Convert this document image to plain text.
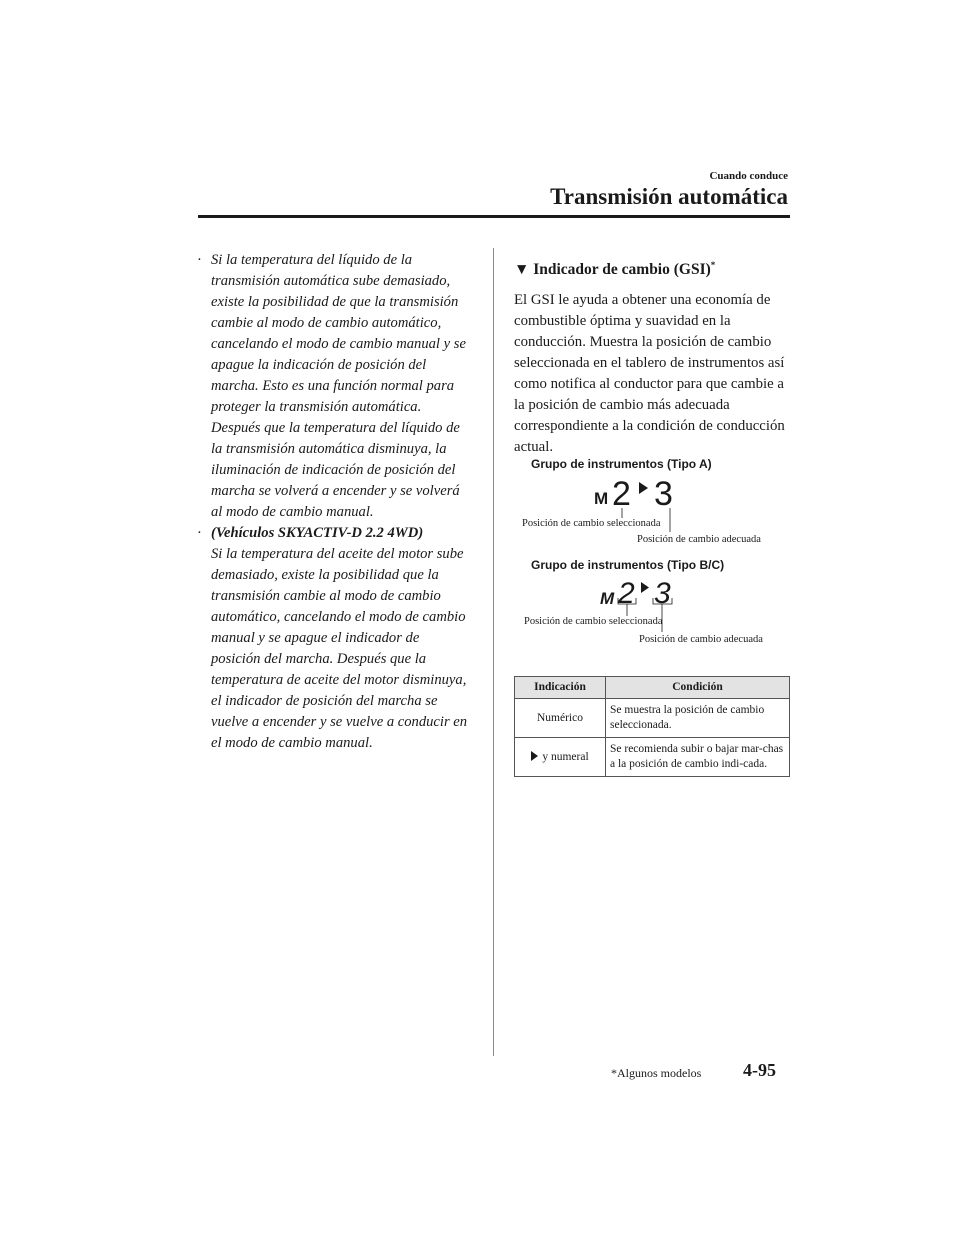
Cuando conduce
Transmisión automática
· Si la temperatura del líquido de la transmisión automática sube demasiado, existe la posibilidad de que la transmisión cambie al modo de cambio automático, cancelando el modo de cambio manual y se apague la indicación de posición del marcha. Esto es una función normal para proteger la transmisión automática. Después que la temperatura del líquido de la transmisión automática disminuya, la iluminación de indicación de posición del marcha se volverá a encender y se volverá al modo de cambio manual.
· (Vehículos SKYACTIV-D 2.2 4WD)
Si la temperatura del aceite del motor sube demasiado, existe la posibilidad que la transmisión cambie al modo de cambio automático, cancelando el modo de cambio manual y se apague el indicador de posición del marcha. Después que la temperatura de aceite del motor disminuya, el indicador de posición del marcha se vuelve a encender y se vuelve a conducir en el modo de cambio manual.
▼ Indicador de cambio (GSI)*

El GSI le ayuda a obtener una economía de combustible óptima y suavidad en la conducción. Muestra la posición de cambio seleccionada en el tablero de instrumentos así como notifica al conductor para que cambie a la posición de cambio más adecuada correspondiente a la condición de conducción actual.

Grupo de instrumentos (Tipo A)
M 2 3
Posición de cambio seleccionada
Posición de cambio adecuada
Grupo de instrumentos (Tipo B/C)
M 2 3
Posición de cambio seleccionada
Posición de cambio adecuada
Indicación	Condición
Numérico	Se muestra la posición de cambio seleccionada.
y numeral	Se recomienda subir o bajar mar-chas a la posición de cambio indi-cada.
*Algunos modelos 4-95
